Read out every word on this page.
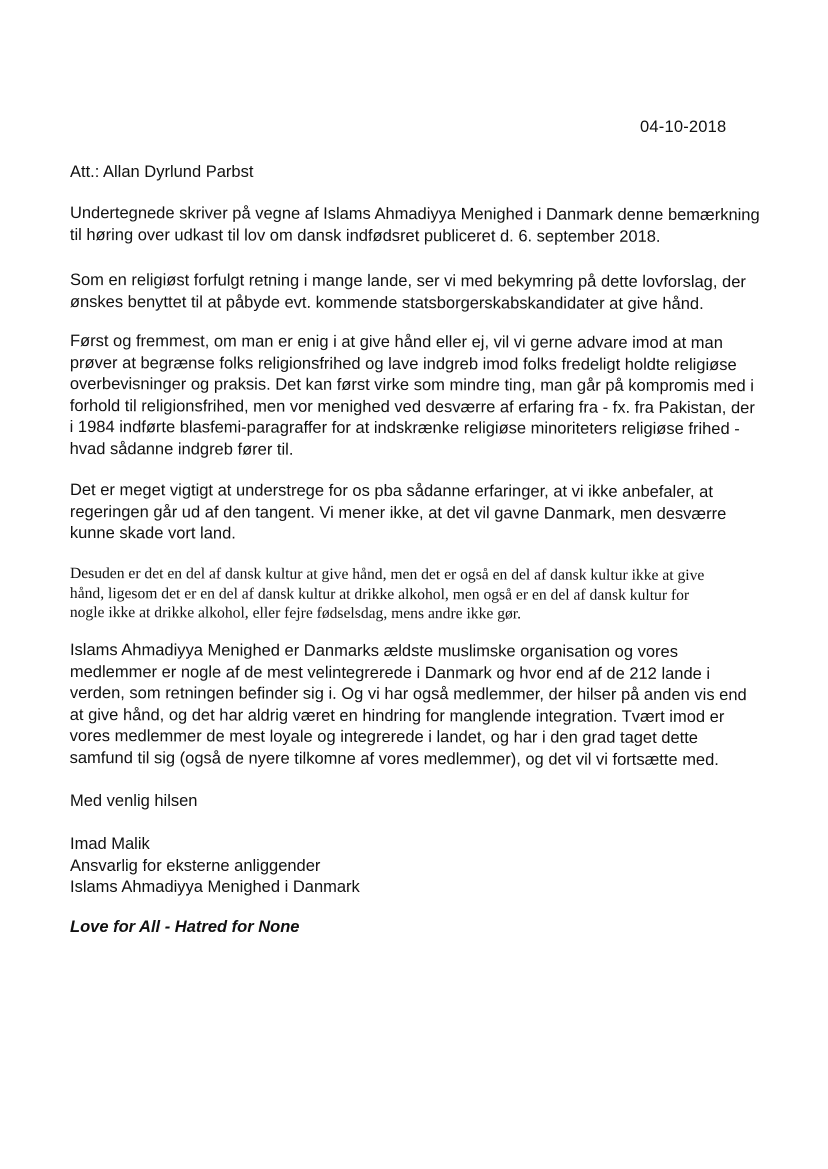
04-10-2018
Att.: Allan Dyrlund Parbst
Undertegnede skriver på vegne af Islams Ahmadiyya Menighed i Danmark denne bemærkning
til høring over udkast til lov om dansk indfødsret publiceret d. 6. september 2018.
Som en religiøst forfulgt retning i mange lande, ser vi med bekymring på dette lovforslag, der
ønskes benyttet til at påbyde evt. kommende statsborgerskabskandidater at give hånd.
Først og fremmest, om man er enig i at give hånd eller ej, vil vi gerne advare imod at man
prøver at begrænse folks religionsfrihed og lave indgreb imod folks fredeligt holdte religiøse
overbevisninger og praksis. Det kan først virke som mindre ting, man går på kompromis med i
forhold til religionsfrihed, men vor menighed ved desværre af erfaring fra - fx. fra Pakistan, der
i 1984 indførte blasfemi-paragraffer for at indskrænke religiøse minoriteters religiøse frihed -
hvad sådanne indgreb fører til.
Det er meget vigtigt at understrege for os pba sådanne erfaringer, at vi ikke anbefaler, at
regeringen går ud af den tangent. Vi mener ikke, at det vil gavne Danmark, men desværre
kunne skade vort land.
Desuden er det en del af dansk kultur at give hånd, men det er også en del af dansk kultur ikke at give
hånd, ligesom det er en del af dansk kultur at drikke alkohol, men også er en del af dansk kultur for
nogle ikke at drikke alkohol, eller fejre fødselsdag, mens andre ikke gør.
Islams Ahmadiyya Menighed er Danmarks ældste muslimske organisation og vores
medlemmer er nogle af de mest velintegrerede i Danmark og hvor end af de 212 lande i
verden, som retningen befinder sig i. Og vi har også medlemmer, der hilser på anden vis end
at give hånd, og det har aldrig været en hindring for manglende integration. Tvært imod er
vores medlemmer de mest loyale og integrerede i landet, og har i den grad taget dette
samfund til sig (også de nyere tilkomne af vores medlemmer), og det vil vi fortsætte med.
Med venlig hilsen
Imad Malik
Ansvarlig for eksterne anliggender
Islams Ahmadiyya Menighed i Danmark
Love for All - Hatred for None
